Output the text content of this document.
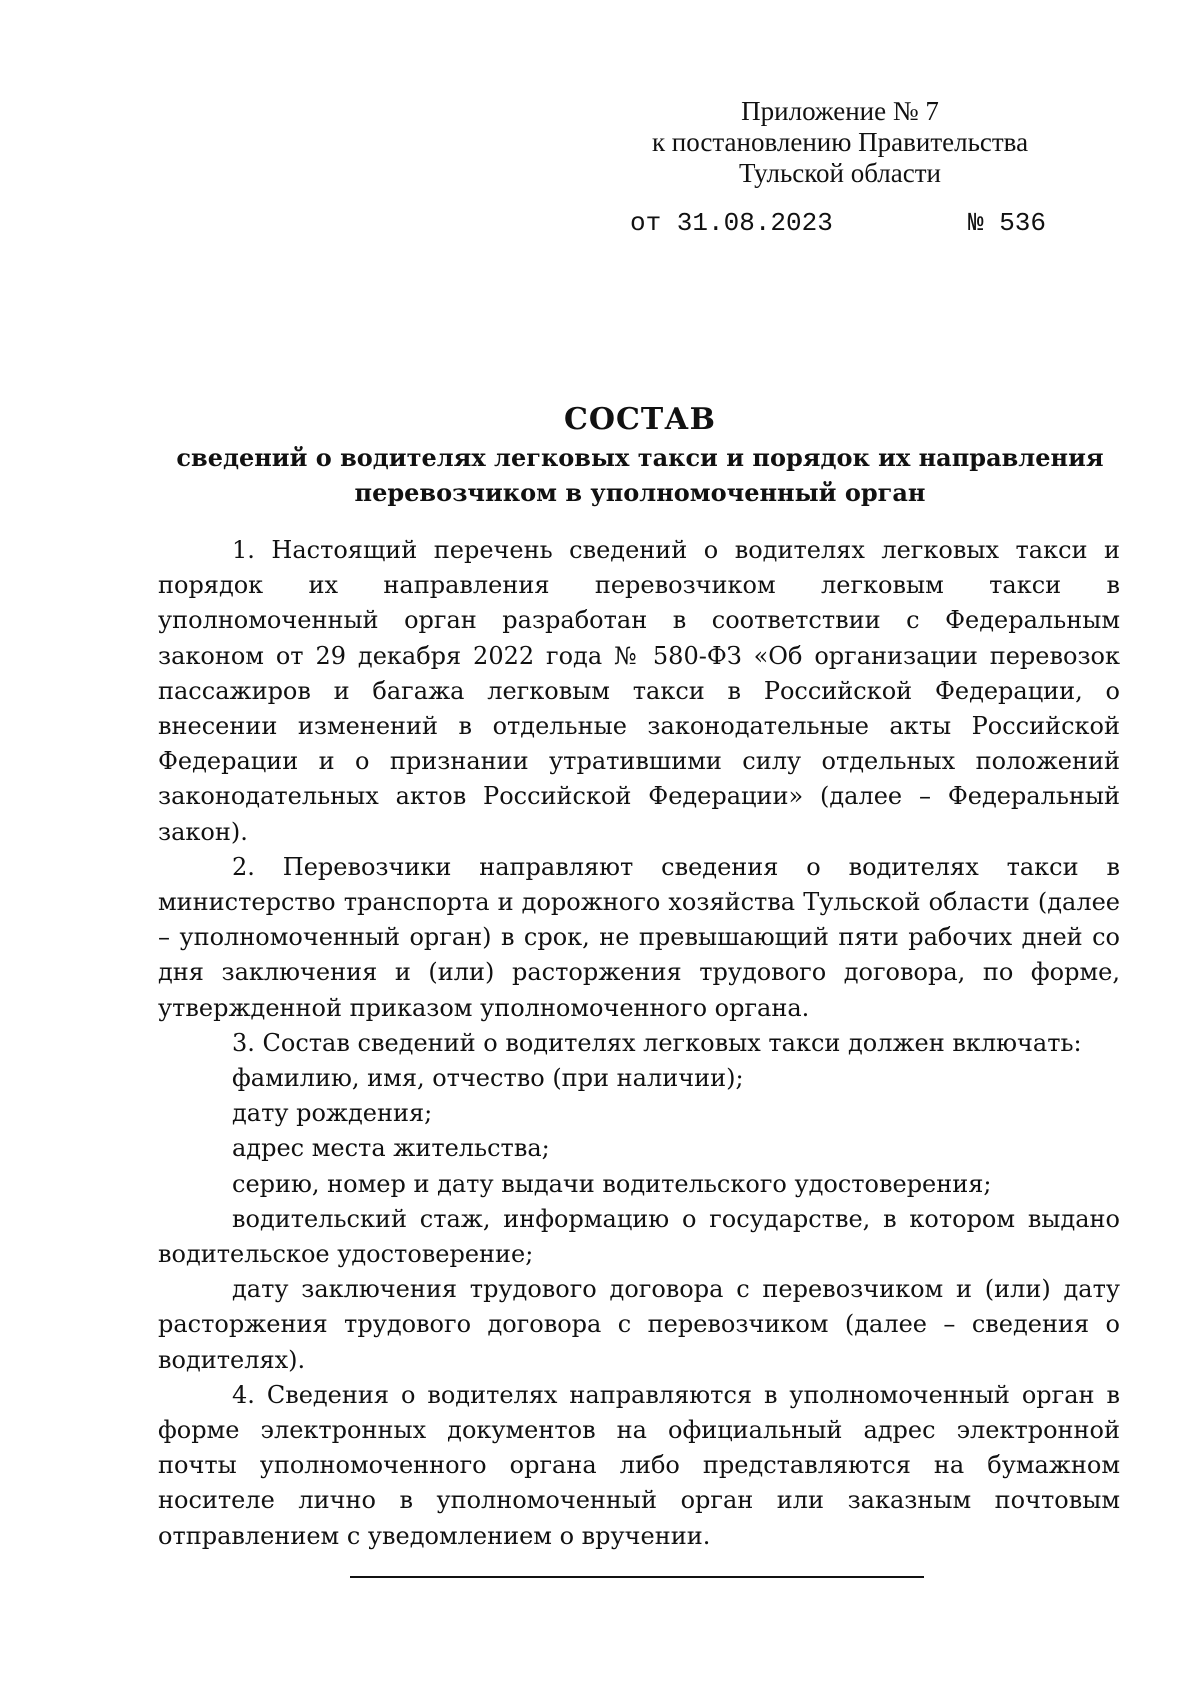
Приложение № 7
к постановлению Правительства
Тульской области
от 31.08.2023	№ 536
СОСТАВ
сведений о водителях легковых такси и порядок их направления
перевозчиком в уполномоченный орган

1. Настоящий перечень сведений о водителях легковых такси и порядок их направления перевозчиком легковым такси в уполномоченный орган разработан в соответствии с Федеральным законом от 29 декабря 2022 года № 580-ФЗ «Об организации перевозок пассажиров и багажа легковым такси в Российской Федерации, о внесении изменений в отдельные законодательные акты Российской Федерации и о признании утратившими силу отдельных положений законодательных актов Российской Федерации» (далее – Федеральный закон).

2. Перевозчики направляют сведения о водителях такси в министерство транспорта и дорожного хозяйства Тульской области (далее – уполномоченный орган) в срок, не превышающий пяти рабочих дней со дня заключения и (или) расторжения трудового договора, по форме, утвержденной приказом уполномоченного органа.

3. Состав сведений о водителях легковых такси должен включать:

фамилию, имя, отчество (при наличии);

дату рождения;

адрес места жительства;

серию, номер и дату выдачи водительского удостоверения;

водительский стаж, информацию о государстве, в котором выдано водительское удостоверение;

дату заключения трудового договора с перевозчиком и (или) дату расторжения трудового договора с перевозчиком (далее – сведения о водителях).

4. Сведения о водителях направляются в уполномоченный орган в форме электронных документов на официальный адрес электронной почты уполномоченного органа либо представляются на бумажном носителе лично в уполномоченный орган или заказным почтовым отправлением с уведомлением о вручении.
